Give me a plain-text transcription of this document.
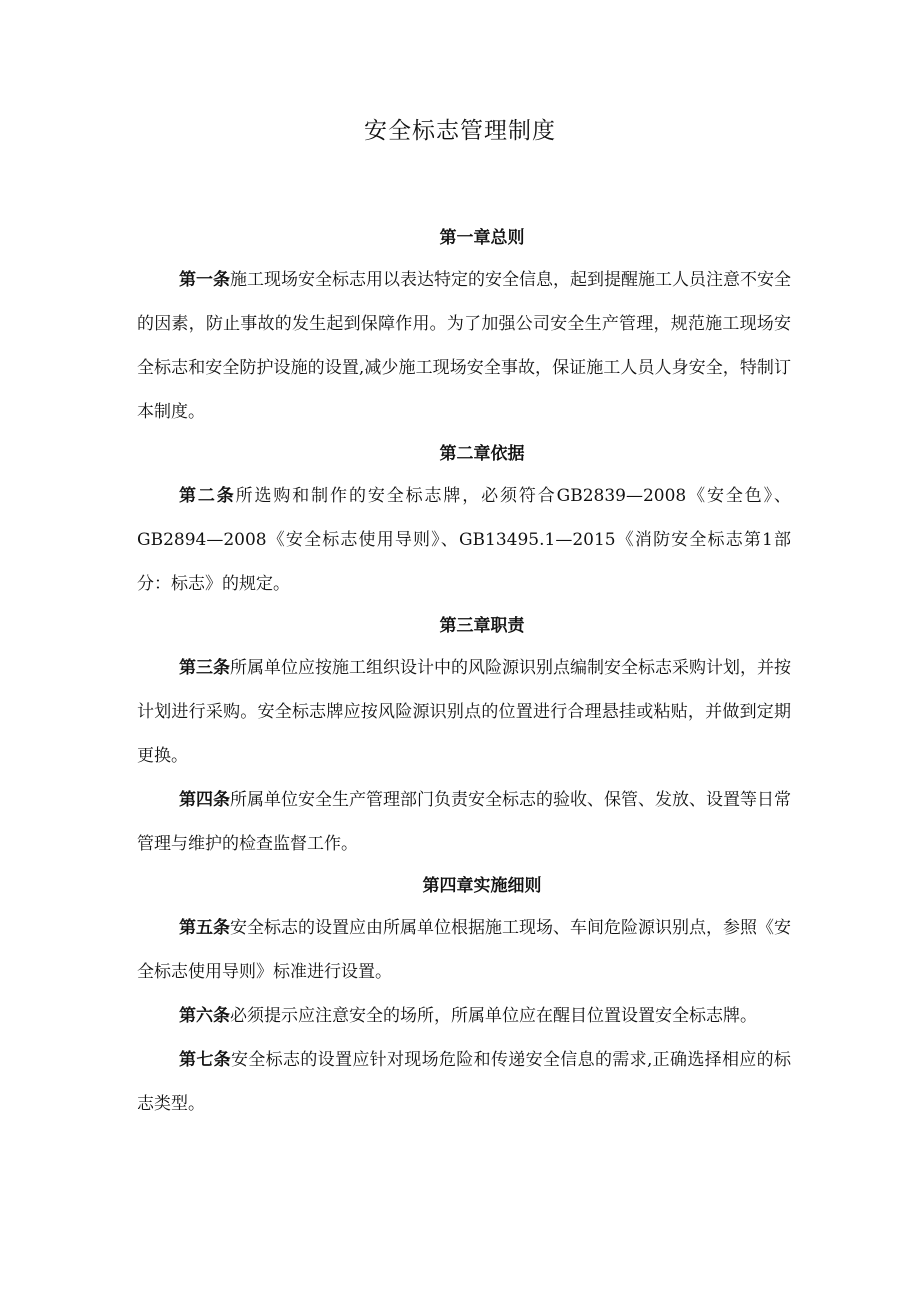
安全标志管理制度
第一章总则

第一条施工现场安全标志用以表达特定的安全信息，起到提醒施工人员注意不安全的因素，防止事故的发生起到保障作用。为了加强公司安全生产管理，规范施工现场安全标志和安全防护设施的设置,减少施工现场安全事故，保证施工人员人身安全，特制订本制度。

第二章依据

第二条所选购和制作的安全标志牌，必须符合GB2839—2008《安全色》、GB2894—2008《安全标志使用导则》、GB13495.1—2015《消防安全标志第1部分：标志》的规定。

第三章职责

第三条所属单位应按施工组织设计中的风险源识别点编制安全标志采购计划，并按计划进行采购。安全标志牌应按风险源识别点的位置进行合理悬挂或粘贴，并做到定期更换。

第四条所属单位安全生产管理部门负责安全标志的验收、保管、发放、设置等日常管理与维护的检查监督工作。

第四章实施细则

第五条安全标志的设置应由所属单位根据施工现场、车间危险源识别点，参照《安全标志使用导则》标准进行设置。

第六条必须提示应注意安全的场所，所属单位应在醒目位置设置安全标志牌。

第七条安全标志的设置应针对现场危险和传递安全信息的需求,正确选择相应的标志类型。
